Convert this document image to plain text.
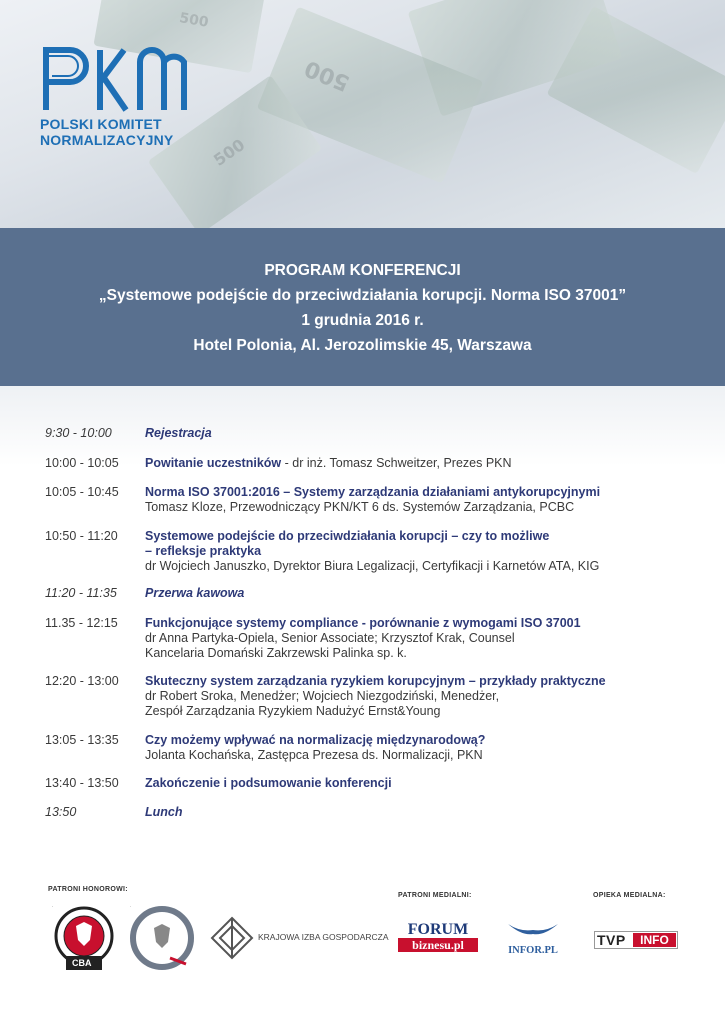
500
500
500
POLSKI KOMITET
NORMALIZACYJNY
PROGRAM KONFERENCJI
„Systemowe podejście do przeciwdziałania korupcji. Norma ISO 37001”
1 grudnia 2016 r.
Hotel Polonia, Al. Jerozolimskie 45, Warszawa
9:30 - 10:00	Rejestracja
10:00 - 10:05	Powitanie uczestników - dr inż. Tomasz Schweitzer, Prezes PKN
10:05 - 10:45	Norma ISO 37001:2016 – Systemy zarządzania działaniami antykorupcyjnymi
Tomasz Kloze, Przewodniczący PKN/KT 6 ds. Systemów Zarządzania, PCBC
10:50 - 11:20	Systemowe podejście do przeciwdziałania korupcji – czy to możliwe
– refleksje praktyka
dr Wojciech Januszko, Dyrektor Biura Legalizacji, Certyfikacji i Karnetów ATA, KIG
11:20 - 11:35	Przerwa kawowa
11.35 - 12:15	Funkcjonujące systemy compliance - porównanie z wymogami ISO 37001
dr Anna Partyka-Opiela, Senior Associate; Krzysztof Krak, Counsel
Kancelaria Domański Zakrzewski Palinka sp. k.
12:20 - 13:00	Skuteczny system zarządzania ryzykiem korupcyjnym – przykłady praktyczne
dr Robert Sroka, Menedżer; Wojciech Niezgodziński, Menedżer,
Zespół Zarządzania Ryzykiem Nadużyć Ernst&Young
13:05 - 13:35	Czy możemy wpływać na normalizację międzynarodową?
Jolanta Kochańska, Zastępca Prezesa ds. Normalizacji, PKN
13:40 - 13:50	Zakończenie i podsumowanie konferencji
13:50	Lunch
PATRONI HONOROWI:
PATRONI MEDIALNI:	OPIEKA MEDIALNA:
CBA
KRAJOWA IZBA GOSPODARCZA	FORUM
biznesu.pl	INFOR.PL
TVP	INFO
